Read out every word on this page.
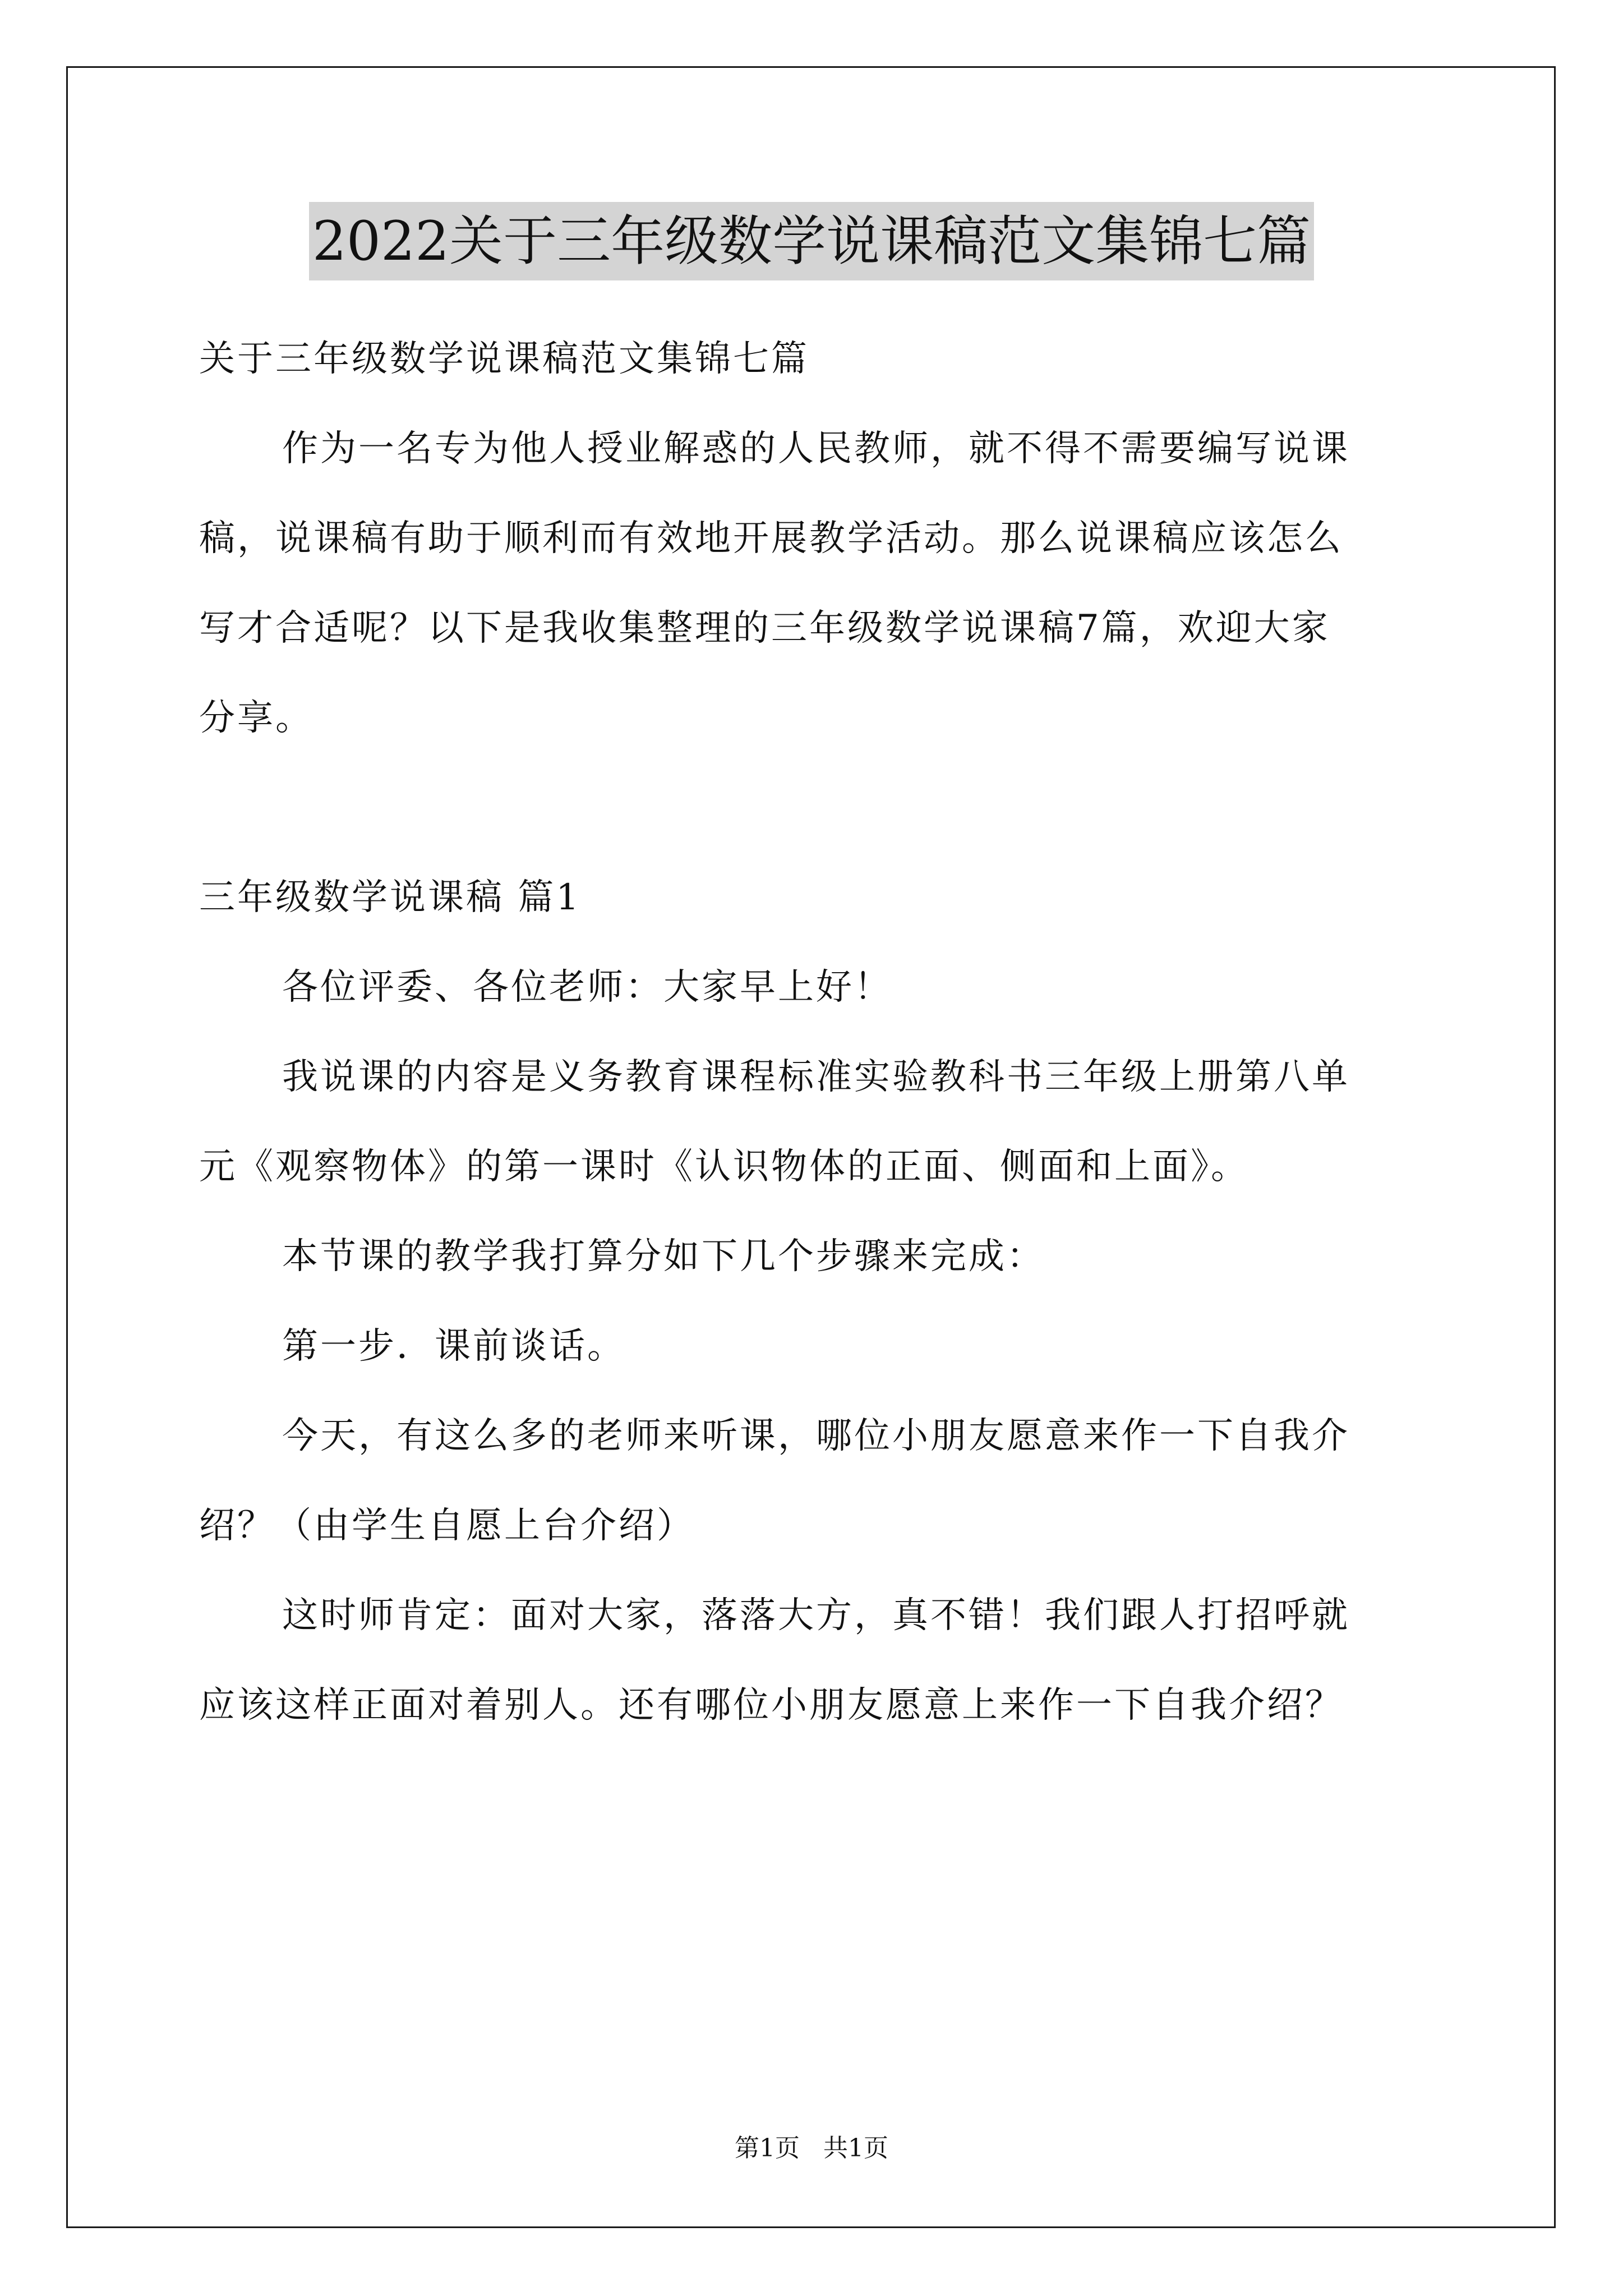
2022关于三年级数学说课稿范文集锦七篇
关于三年级数学说课稿范文集锦七篇
作为一名专为他人授业解惑的人民教师，就不得不需要编写说课
稿，说课稿有助于顺利而有效地开展教学活动。那么说课稿应该怎么
写才合适呢？以下是我收集整理的三年级数学说课稿7篇，欢迎大家
分享。
三年级数学说课稿 篇1
各位评委、各位老师：大家早上好！
我说课的内容是义务教育课程标准实验教科书三年级上册第八单
元《观察物体》的第一课时《认识物体的正面、侧面和上面》。
本节课的教学我打算分如下几个步骤来完成：
第一步．课前谈话。
今天，有这么多的老师来听课，哪位小朋友愿意来作一下自我介
绍？（由学生自愿上台介绍）
这时师肯定：面对大家，落落大方，真不错！我们跟人打招呼就
应该这样正面对着别人。还有哪位小朋友愿意上来作一下自我介绍？
第1页 共1页
